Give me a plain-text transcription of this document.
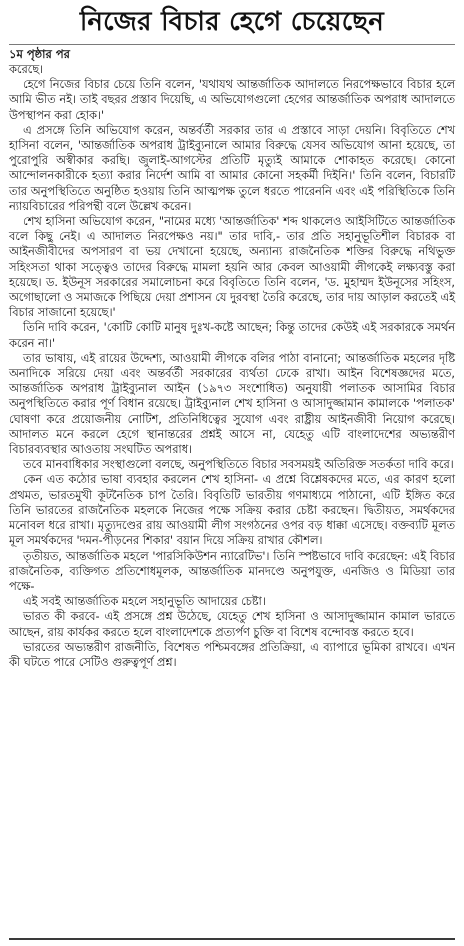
নিজের বিচার হেগে চেয়েছেন
১ম পৃষ্ঠার পর

করেছে।

হেগে নিজের বিচার চেয়ে তিনি বলেন, 'যথাযথ আন্তর্জাতিক আদালতে নিরপেক্ষভাবে বিচার হলে আমি ভীত নই। তাই বছরর প্রস্তাব দিয়েছি, এ অভিযোগগুলো হেগের আন্তর্জাতিক অপরাধ আদালতে উপস্থাপন করা হোক।'

এ প্রসঙ্গে তিনি অভিযোগ করেন, অন্তর্বর্তী সরকার তার এ প্রস্তাবে সাড়া দেয়নি। বিবৃতিতে শেখ হাসিনা বলেন, 'আন্তর্জাতিক অপরাধ ট্রাইব্যুনালে আমার বিরুদ্ধে যেসব অভিযোগ আনা হয়েছে, তা পুরোপুরি অস্বীকার করছি। জুলাই-আগস্টের প্রতিটি মৃত্যুই আমাকে শোকাহত করেছে। কোনো আন্দোলনকারীকে হত্যা করার নির্দেশ আমি বা আমার কোনো সহকর্মী দিইনি।' তিনি বলেন, বিচারটি তার অনুপস্থিতিতে অনুষ্ঠিত হওয়ায় তিনি আত্মপক্ষ তুলে ধরতে পারেননি এবং এই পরিস্থিতিকে তিনি ন্যায়বিচারের পরিপন্থী বলে উল্লেখ করেন।

শেখ হাসিনা অভিযোগ করেন, "নামের মধ্যে 'আন্তর্জাতিক' শব্দ থাকলেও আইসিটিতে আন্তর্জাতিক বলে কিছু নেই। এ আদালত নিরপেক্ষও নয়।" তার দাবি,- তার প্রতি সহানুভূতিশীল বিচারক বা আইনজীবীদের অপসারণ বা ভয় দেখানো হয়েছে, অন্যান্য রাজনৈতিক শক্তির বিরুদ্ধে নথিভুক্ত সহিংসতা থাকা সত্ত্বেও তাদের বিরুদ্ধে মামলা হয়নি আর কেবল আওয়ামী লীগকেই লক্ষ্যবস্তু করা হয়েছে। ড. ইউনূস সরকারের সমালোচনা করে বিবৃতিতে তিনি বলেন, 'ড. মুহাম্মদ ইউনূসের সহিংস, অগোছালো ও সমাজকে পিছিয়ে দেয়া প্রশাসন যে দুরবস্থা তৈরি করেছে, তার দায় আড়াল করতেই এই বিচার সাজানো হয়েছে।'

তিনি দাবি করেন, 'কোটি কোটি মানুষ দুঃখ-কষ্টে আছেন; কিন্তু তাদের কেউই এই সরকারকে সমর্থন করেন না।'

তার ভাষায়, এই রায়ের উদ্দেশ্য, আওয়ামী লীগকে বলির পাঠা বানানো; আন্তর্জাতিক মহলের দৃষ্টি অনাদিকে সরিয়ে দেয়া এবং অন্তর্বর্তী সরকারের ব্যর্থতা ঢেকে রাখা। আইন বিশেষজ্ঞদের মতে, আন্তর্জাতিক অপরাধ ট্রাইব্যুনাল আইন (১৯৭৩ সংশোধিত) অনুযায়ী পলাতক আসামির বিচার অনুপস্থিতিতে করার পূর্ণ বিধান রয়েছে। ট্রাইব্যুনাল শেখ হাসিনা ও আসাদুজ্জামান কামালকে 'পলাতক' ঘোষণা করে প্রয়োজনীয় নোটিশ, প্রতিনিধিত্বের সুযোগ এবং রাষ্ট্রীয় আইনজীবী নিয়োগ করেছে। আদালত মনে করলে হেগে স্থানান্তরের প্রশ্নই আসে না, যেহেতু এটি বাংলাদেশের অভ্যন্তরীণ বিচারব্যবস্থার আওতায় সংঘটিত অপরাধ।

তবে মানবাধিকার সংস্থাগুলো বলছে, অনুপস্থিতিতে বিচার সবসময়ই অতিরিক্ত সতর্কতা দাবি করে।

কেন এত কঠোর ভাষা ব্যবহার করলেন শেখ হাসিনা- এ প্রশ্নে বিশ্লেষকদের মতে, এর কারণ হলো প্রথমত, ভারতমুখী কূটনৈতিক চাপ তৈরি। বিবৃতিটি ভারতীয় গণমাধ্যমে পাঠানো, এটি ইঙ্গিত করে তিনি ভারতের রাজনৈতিক মহলকে নিজের পক্ষে সক্রিয় করার চেষ্টা করছেন। দ্বিতীয়ত, সমর্থকদের মনোবল ধরে রাখা। মৃত্যুদণ্ডের রায় আওয়ামী লীগ সংগঠনের ওপর বড় ধাক্কা এসেছে। বক্তব্যটি মূলত মূল সমর্থকদের 'দমন-পীড়নের শিকার' বয়ান দিয়ে সক্রিয় রাখার কৌশল।

তৃতীয়ত, আন্তর্জাতিক মহলে 'পারসিকিউশন ন্যারেটিভ'। তিনি স্পষ্টভাবে দাবি করেছেন: এই বিচার রাজনৈতিক, ব্যক্তিগত প্রতিশোধমূলক, আন্তর্জাতিক মানদণ্ডে অনুপযুক্ত, এনজিও ও মিডিয়া তার পক্ষে-

এই সবই আন্তর্জাতিক মহলে সহানুভূতি আদায়ের চেষ্টা।

ভারত কী করবে- এই প্রসঙ্গে প্রশ্ন উঠেছে, যেহেতু শেখ হাসিনা ও আসাদুজ্জামান কামাল ভারতে আছেন, রায় কার্যকর করতে হলে বাংলাদেশকে প্রত্যর্পণ চুক্তি বা বিশেষ বন্দোবস্ত করতে হবে।

ভারতের অভ্যন্তরীণ রাজনীতি, বিশেষত পশ্চিমবঙ্গের প্রতিক্রিয়া, এ ব্যাপারে ভূমিকা রাখবে। এখন কী ঘটতে পারে সেটিও গুরুত্বপূর্ণ প্রশ্ন।
